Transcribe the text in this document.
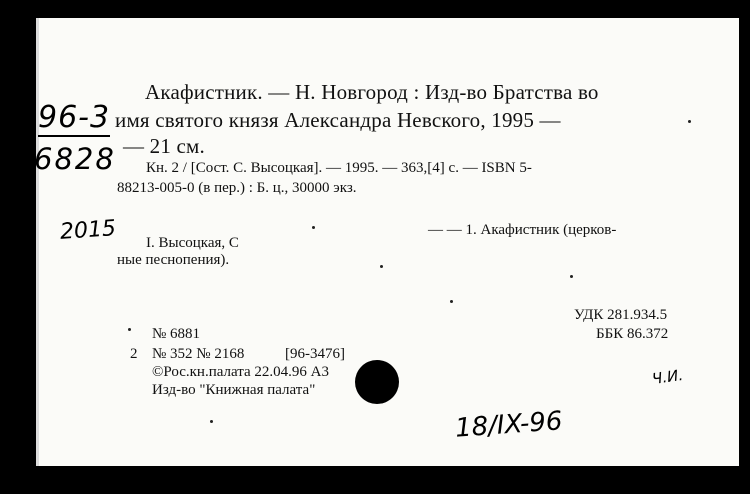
96-3
6828
Акафистник. — Н. Новгород : Изд-во Братства во
имя святого князя Александра Невского, 1995 —
— 21 см.
Кн. 2 / [Сост. С. Высоцкая]. — 1995. — 363,[4] с. — ISBN 5-
88213-005-0 (в пер.) : Б. ц., 30000 экз.
2015 I. Высоцкая, С
— — 1. Акафистник (церков-
ные песнопения).
УДК 281.934.5
ББК 86.372
№ 6881
2 № 352 № 2168	[96-3476]
©Рос.кн.палата 22.04.96 А3
Изд-во "Книжная палата"
Ч.И.
18/IX-96
